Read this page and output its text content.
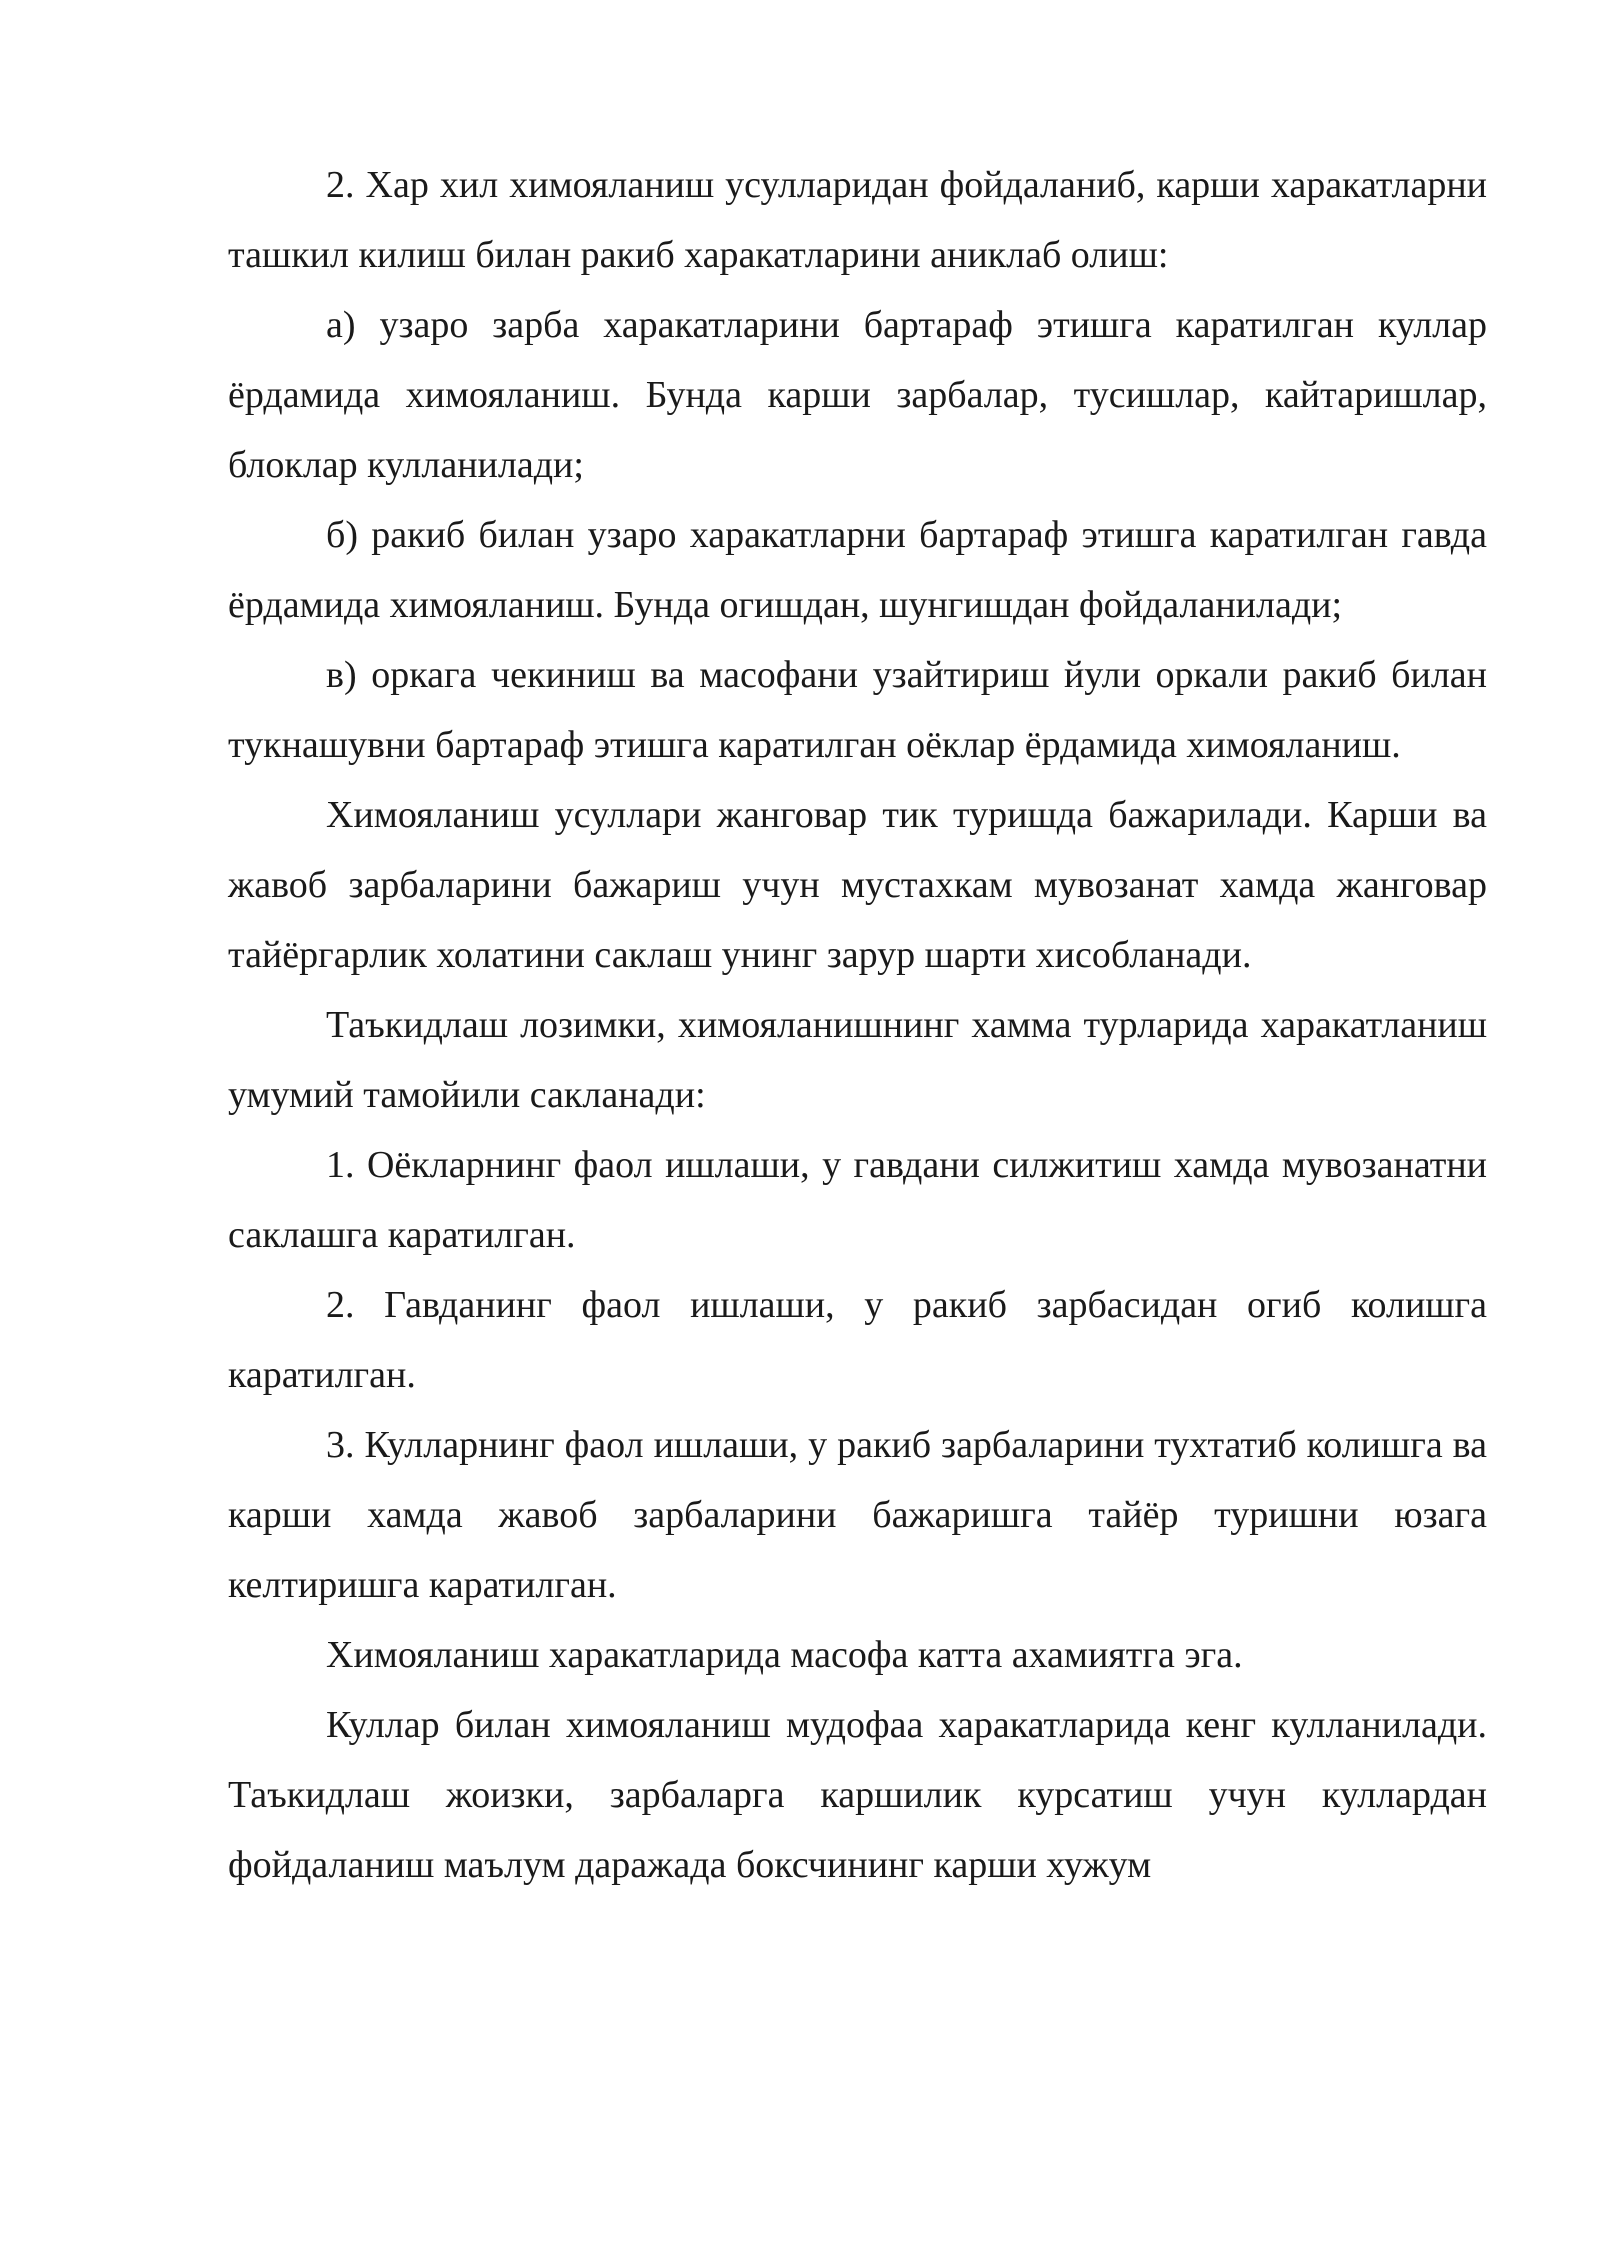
2. Хар хил химояланиш усулларидан фойдаланиб, карши харакатларни ташкил килиш билан ракиб харакатларини аниклаб олиш:

а) узаро зарба харакатларини бартараф этишга каратилган куллар ёрдамида химояланиш. Бунда карши зарбалар, тусишлар, кайтаришлар, блоклар кулланилади;

б) ракиб билан узаро харакатларни бартараф этишга каратилган гавда ёрдамида химояланиш. Бунда огишдан, шунгишдан фойдаланилади;

в) оркага чекиниш ва масофани узайтириш йули оркали ракиб билан тукнашувни бартараф этишга каратилган оёклар ёрдамида химояланиш.

Химояланиш усуллари жанговар тик туришда бажарилади. Карши ва жавоб зарбаларини бажариш учун мустахкам мувозанат хамда жанговар тайёргарлик холатини саклаш унинг зарур шарти хисобланади.

Таъкидлаш лозимки, химояланишнинг хамма турларида харакатланиш умумий тамойили сакланади:

1. Оёкларнинг фаол ишлаши, у гавдани силжитиш хамда мувозанатни саклашга каратилган.

2. Гавданинг фаол ишлаши, у ракиб зарбасидан огиб колишга каратилган.

3. Кулларнинг фаол ишлаши, у ракиб зарбаларини тухтатиб колишга ва карши хамда жавоб зарбаларини бажаришга тайёр туришни юзага келтиришга каратилган.

Химояланиш харакатларида масофа катта ахамиятга эга.

Куллар билан химояланиш мудофаа харакатларида кенг кулланилади. Таъкидлаш жоизки, зарбаларга каршилик курсатиш учун куллардан фойдаланиш маълум даражада боксчининг карши хужум
